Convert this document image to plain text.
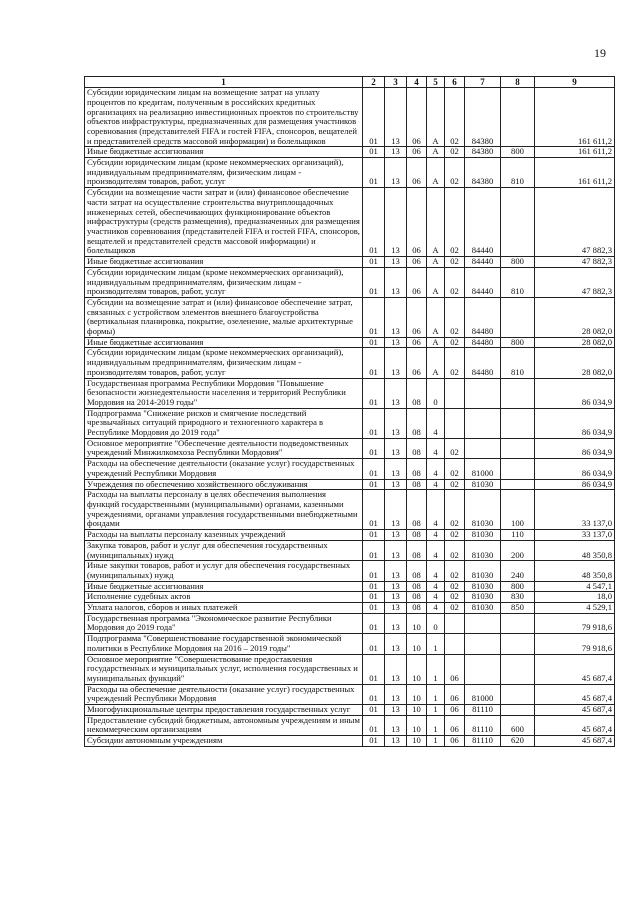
19
1	2	3	4	5	6	7	8	9
Субсидии юридическим лицам на возмещение затрат на уплату процентов по кредитам, полученным в российских кредитных организациях на реализацию инвестиционных проектов по строительству объектов инфраструктуры, предназначенных для размещения участников соревнования (представителей FIFA и гостей FIFA, спонсоров, вещателей и представителей средств массовой информации) и болельщиков	01	13	06	А	02	84380		161 611,2
Иные бюджетные ассигнования	01	13	06	А	02	84380	800	161 611,2
Субсидии юридическим лицам (кроме некоммерческих организаций), индивидуальным предпринимателям, физическим лицам - производителям товаров, работ, услуг	01	13	06	А	02	84380	810	161 611,2
Субсидии на возмещение части затрат и (или) финансовое обеспечение части затрат на осуществление строительства внутриплощадочных инженерных сетей, обеспечивающих функционирование объектов инфраструктуры (средств размещения), предназначенных для размещения участников соревнования (представителей FIFA и гостей FIFA, спонсоров, вещателей и представителей средств массовой информации) и болельщиков	01	13	06	А	02	84440		47 882,3
Иные бюджетные ассигнования	01	13	06	А	02	84440	800	47 882,3
Субсидии юридическим лицам (кроме некоммерческих организаций), индивидуальным предпринимателям, физическим лицам - производителям товаров, работ, услуг	01	13	06	А	02	84440	810	47 882,3
Субсидии на возмещение затрат и (или) финансовое обеспечение затрат, связанных с устройством элементов внешнего благоустройства (вертикальная планировка, покрытие, озеленение, малые архитектурные формы)	01	13	06	А	02	84480		28 082,0
Иные бюджетные ассигнования	01	13	06	А	02	84480	800	28 082,0
Субсидии юридическим лицам (кроме некоммерческих организаций), индивидуальным предпринимателям, физическим лицам - производителям товаров, работ, услуг	01	13	06	А	02	84480	810	28 082,0
Государственная программа Республики Мордовия "Повышение безопасности жизнедеятельности населения и территорий Республики Мордовия на 2014-2019 годы"	01	13	08	0				86 034,9
Подпрограмма "Снижение рисков и смягчение последствий чрезвычайных ситуаций природного и техногенного характера в Республике Мордовия до 2019 года"	01	13	08	4				86 034,9
Основное мероприятие "Обеспечение деятельности подведомственных учреждений Минжилкомхоза Республики Мордовия"	01	13	08	4	02			86 034,9
Расходы на обеспечение деятельности (оказание услуг) государственных учреждений Республики Мордовия	01	13	08	4	02	81000		86 034,9
Учреждения по обеспечению хозяйственного обслуживания	01	13	08	4	02	81030		86 034,9
Расходы на выплаты персоналу в целях обеспечения выполнения функций государственными (муниципальными) органами, казенными учреждениями, органами управления государственными внебюджетными фондами	01	13	08	4	02	81030	100	33 137,0
Расходы на выплаты персоналу казенных учреждений	01	13	08	4	02	81030	110	33 137,0
Закупка товаров, работ и услуг для обеспечения государственных (муниципальных) нужд	01	13	08	4	02	81030	200	48 350,8
Иные закупки товаров, работ и услуг для обеспечения государственных (муниципальных) нужд	01	13	08	4	02	81030	240	48 350,8
Иные бюджетные ассигнования	01	13	08	4	02	81030	800	4 547,1
Исполнение судебных актов	01	13	08	4	02	81030	830	18,0
Уплата налогов, сборов и иных платежей	01	13	08	4	02	81030	850	4 529,1
Государственная программа "Экономическое развитие Республики Мордовия до 2019 года"	01	13	10	0				79 918,6
Подпрограмма "Совершенствование государственной экономической политики в Республике Мордовия на 2016 – 2019 годы"	01	13	10	1				79 918,6
Основное мероприятие "Совершенствование предоставления государственных и муниципальных услуг, исполнения государственных и муниципальных функций"	01	13	10	1	06			45 687,4
Расходы на обеспечение деятельности (оказание услуг) государственных учреждений Республики Мордовия	01	13	10	1	06	81000		45 687,4
Многофункциональные центры предоставления государственных услуг	01	13	10	1	06	81110		45 687,4
Предоставление субсидий бюджетным, автономным учреждениям и иным некоммерческим организациям	01	13	10	1	06	81110	600	45 687,4
Субсидии автономным учреждениям	01	13	10	1	06	81110	620	45 687,4
